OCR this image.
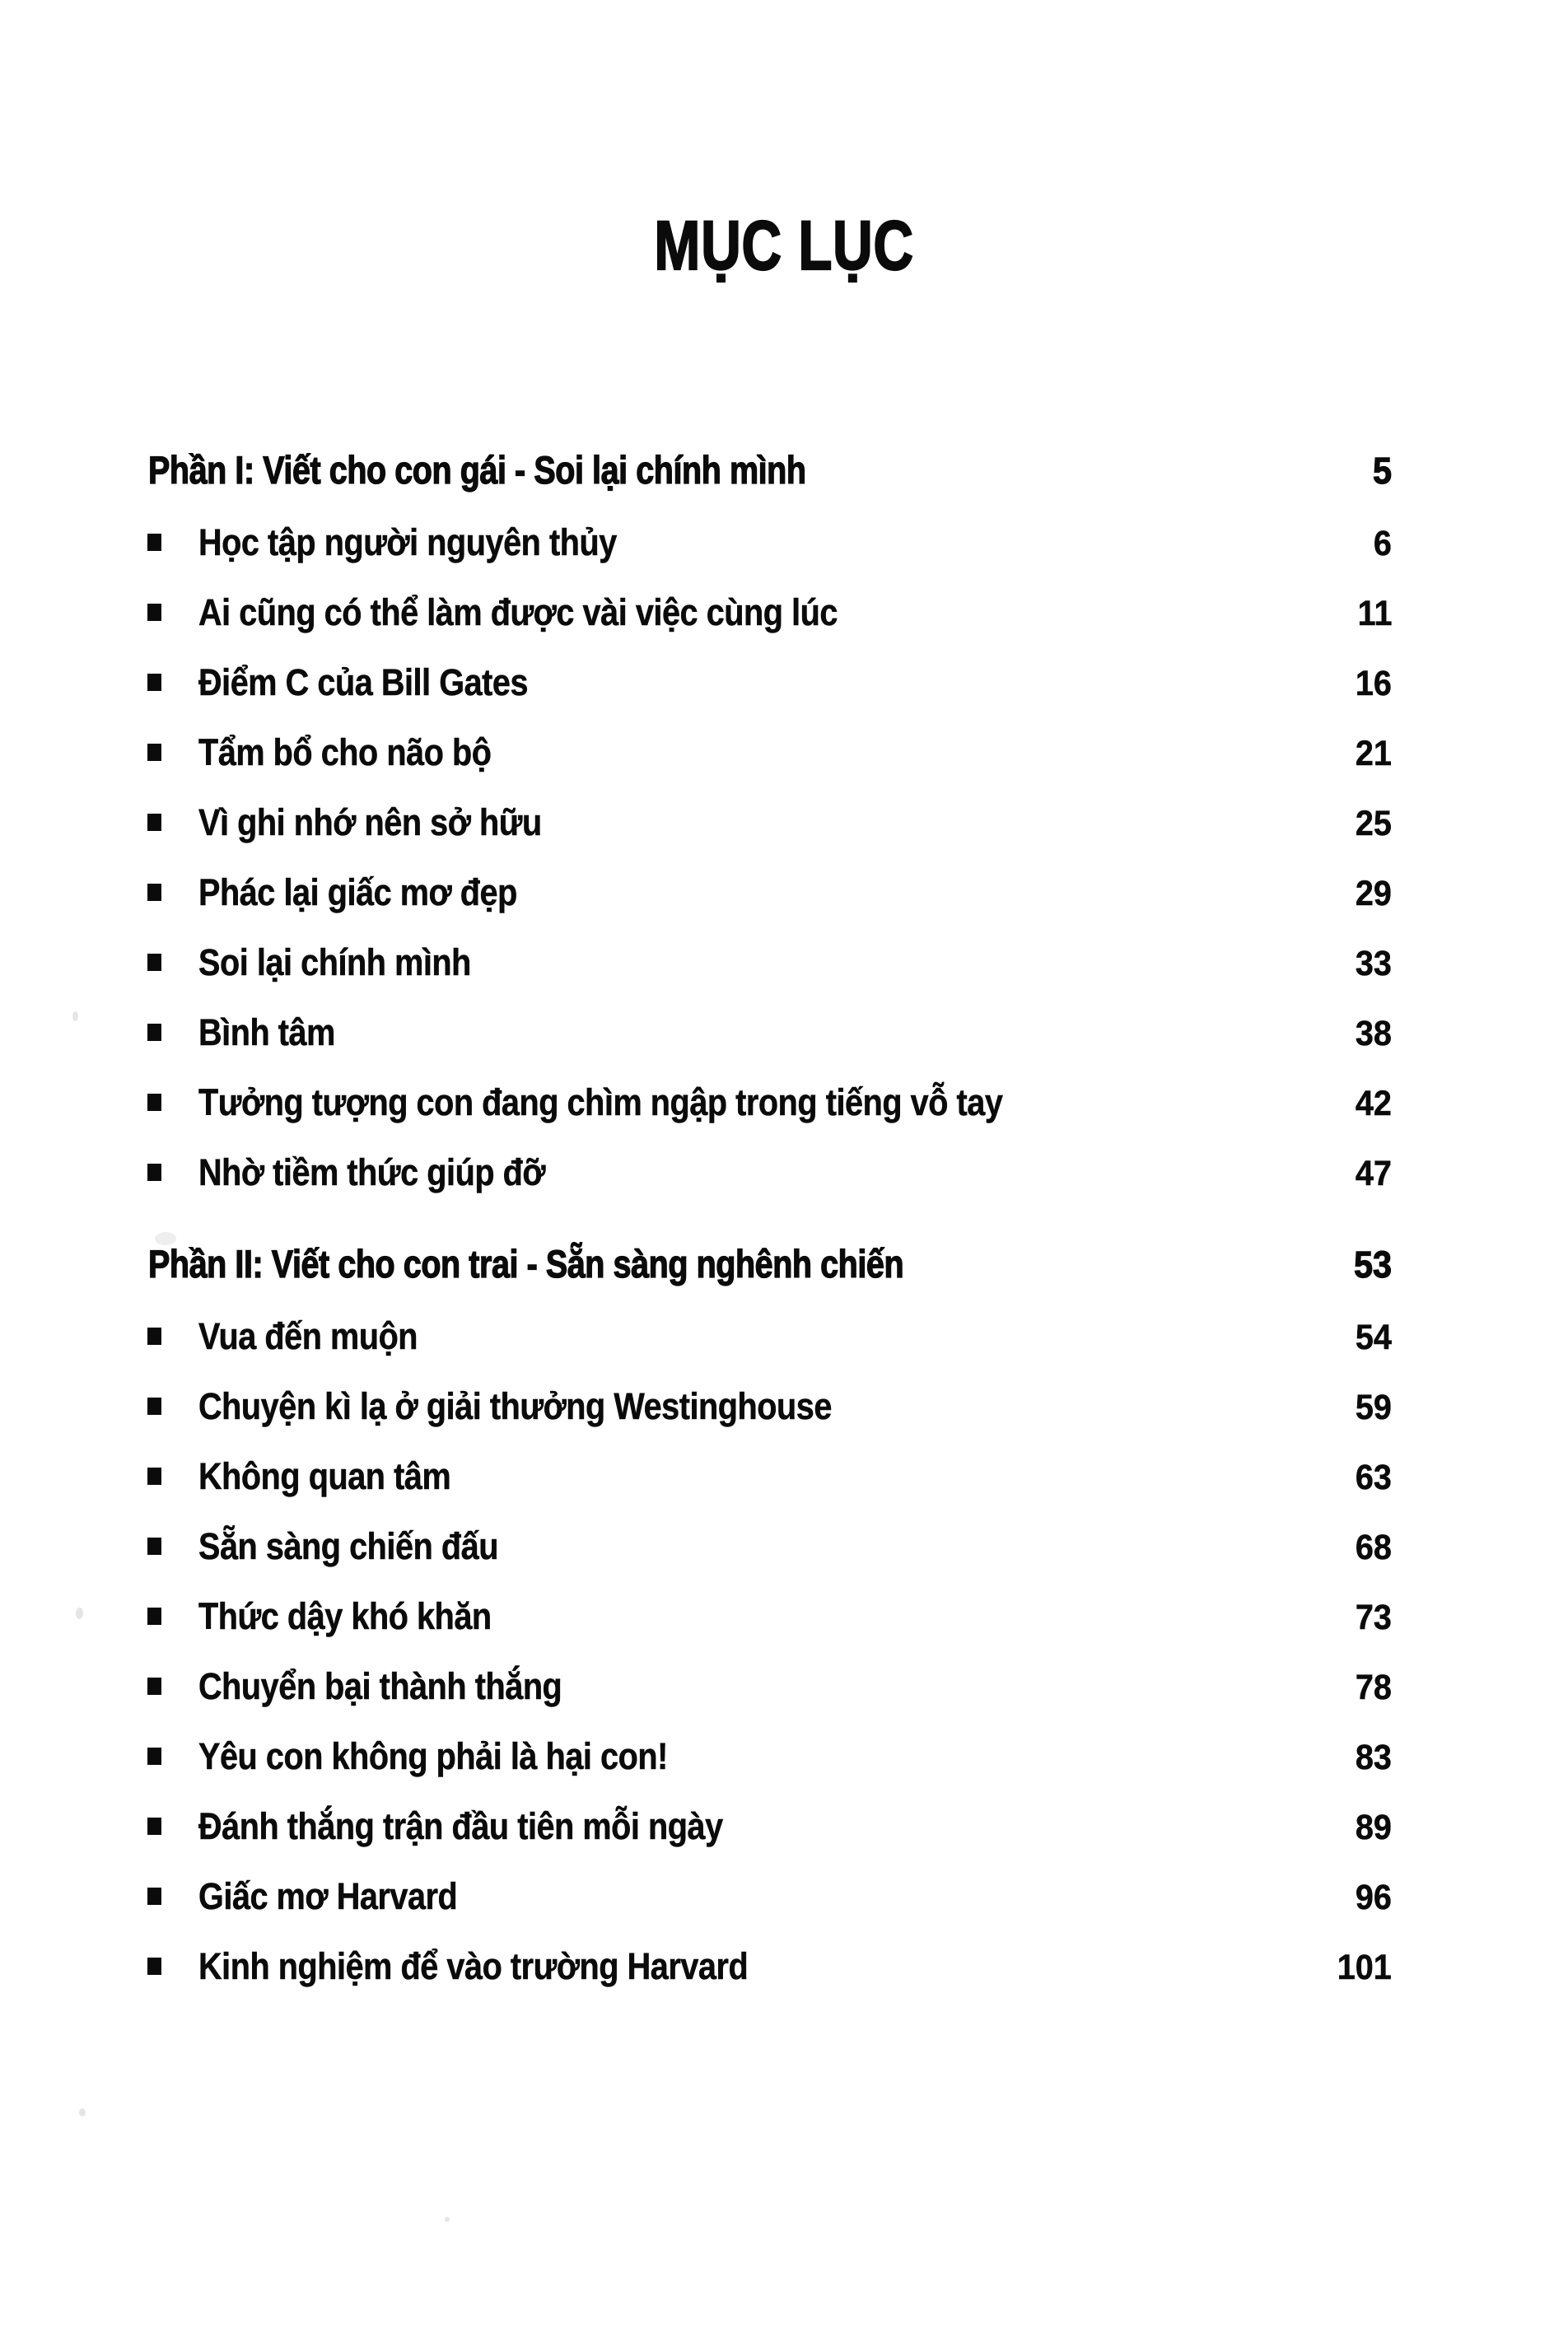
MỤC LỤC
Phần I: Viết cho con gái - Soi lại chính mình	5
Học tập người nguyên thủy	6
Ai cũng có thể làm được vài việc cùng lúc	11
Điểm C của Bill Gates	16
Tẩm bổ cho não bộ	21
Vì ghi nhớ nên sở hữu	25
Phác lại giấc mơ đẹp	29
Soi lại chính mình	33
Bình tâm	38
Tưởng tượng con đang chìm ngập trong tiếng vỗ tay	42
Nhờ tiềm thức giúp đỡ	47
Phần II: Viết cho con trai - Sẵn sàng nghênh chiến	53
Vua đến muộn	54
Chuyện kì lạ ở giải thưởng Westinghouse	59
Không quan tâm	63
Sẵn sàng chiến đấu	68
Thức dậy khó khăn	73
Chuyển bại thành thắng	78
Yêu con không phải là hại con!	83
Đánh thắng trận đầu tiên mỗi ngày	89
Giấc mơ Harvard	96
Kinh nghiệm để vào trường Harvard	101
